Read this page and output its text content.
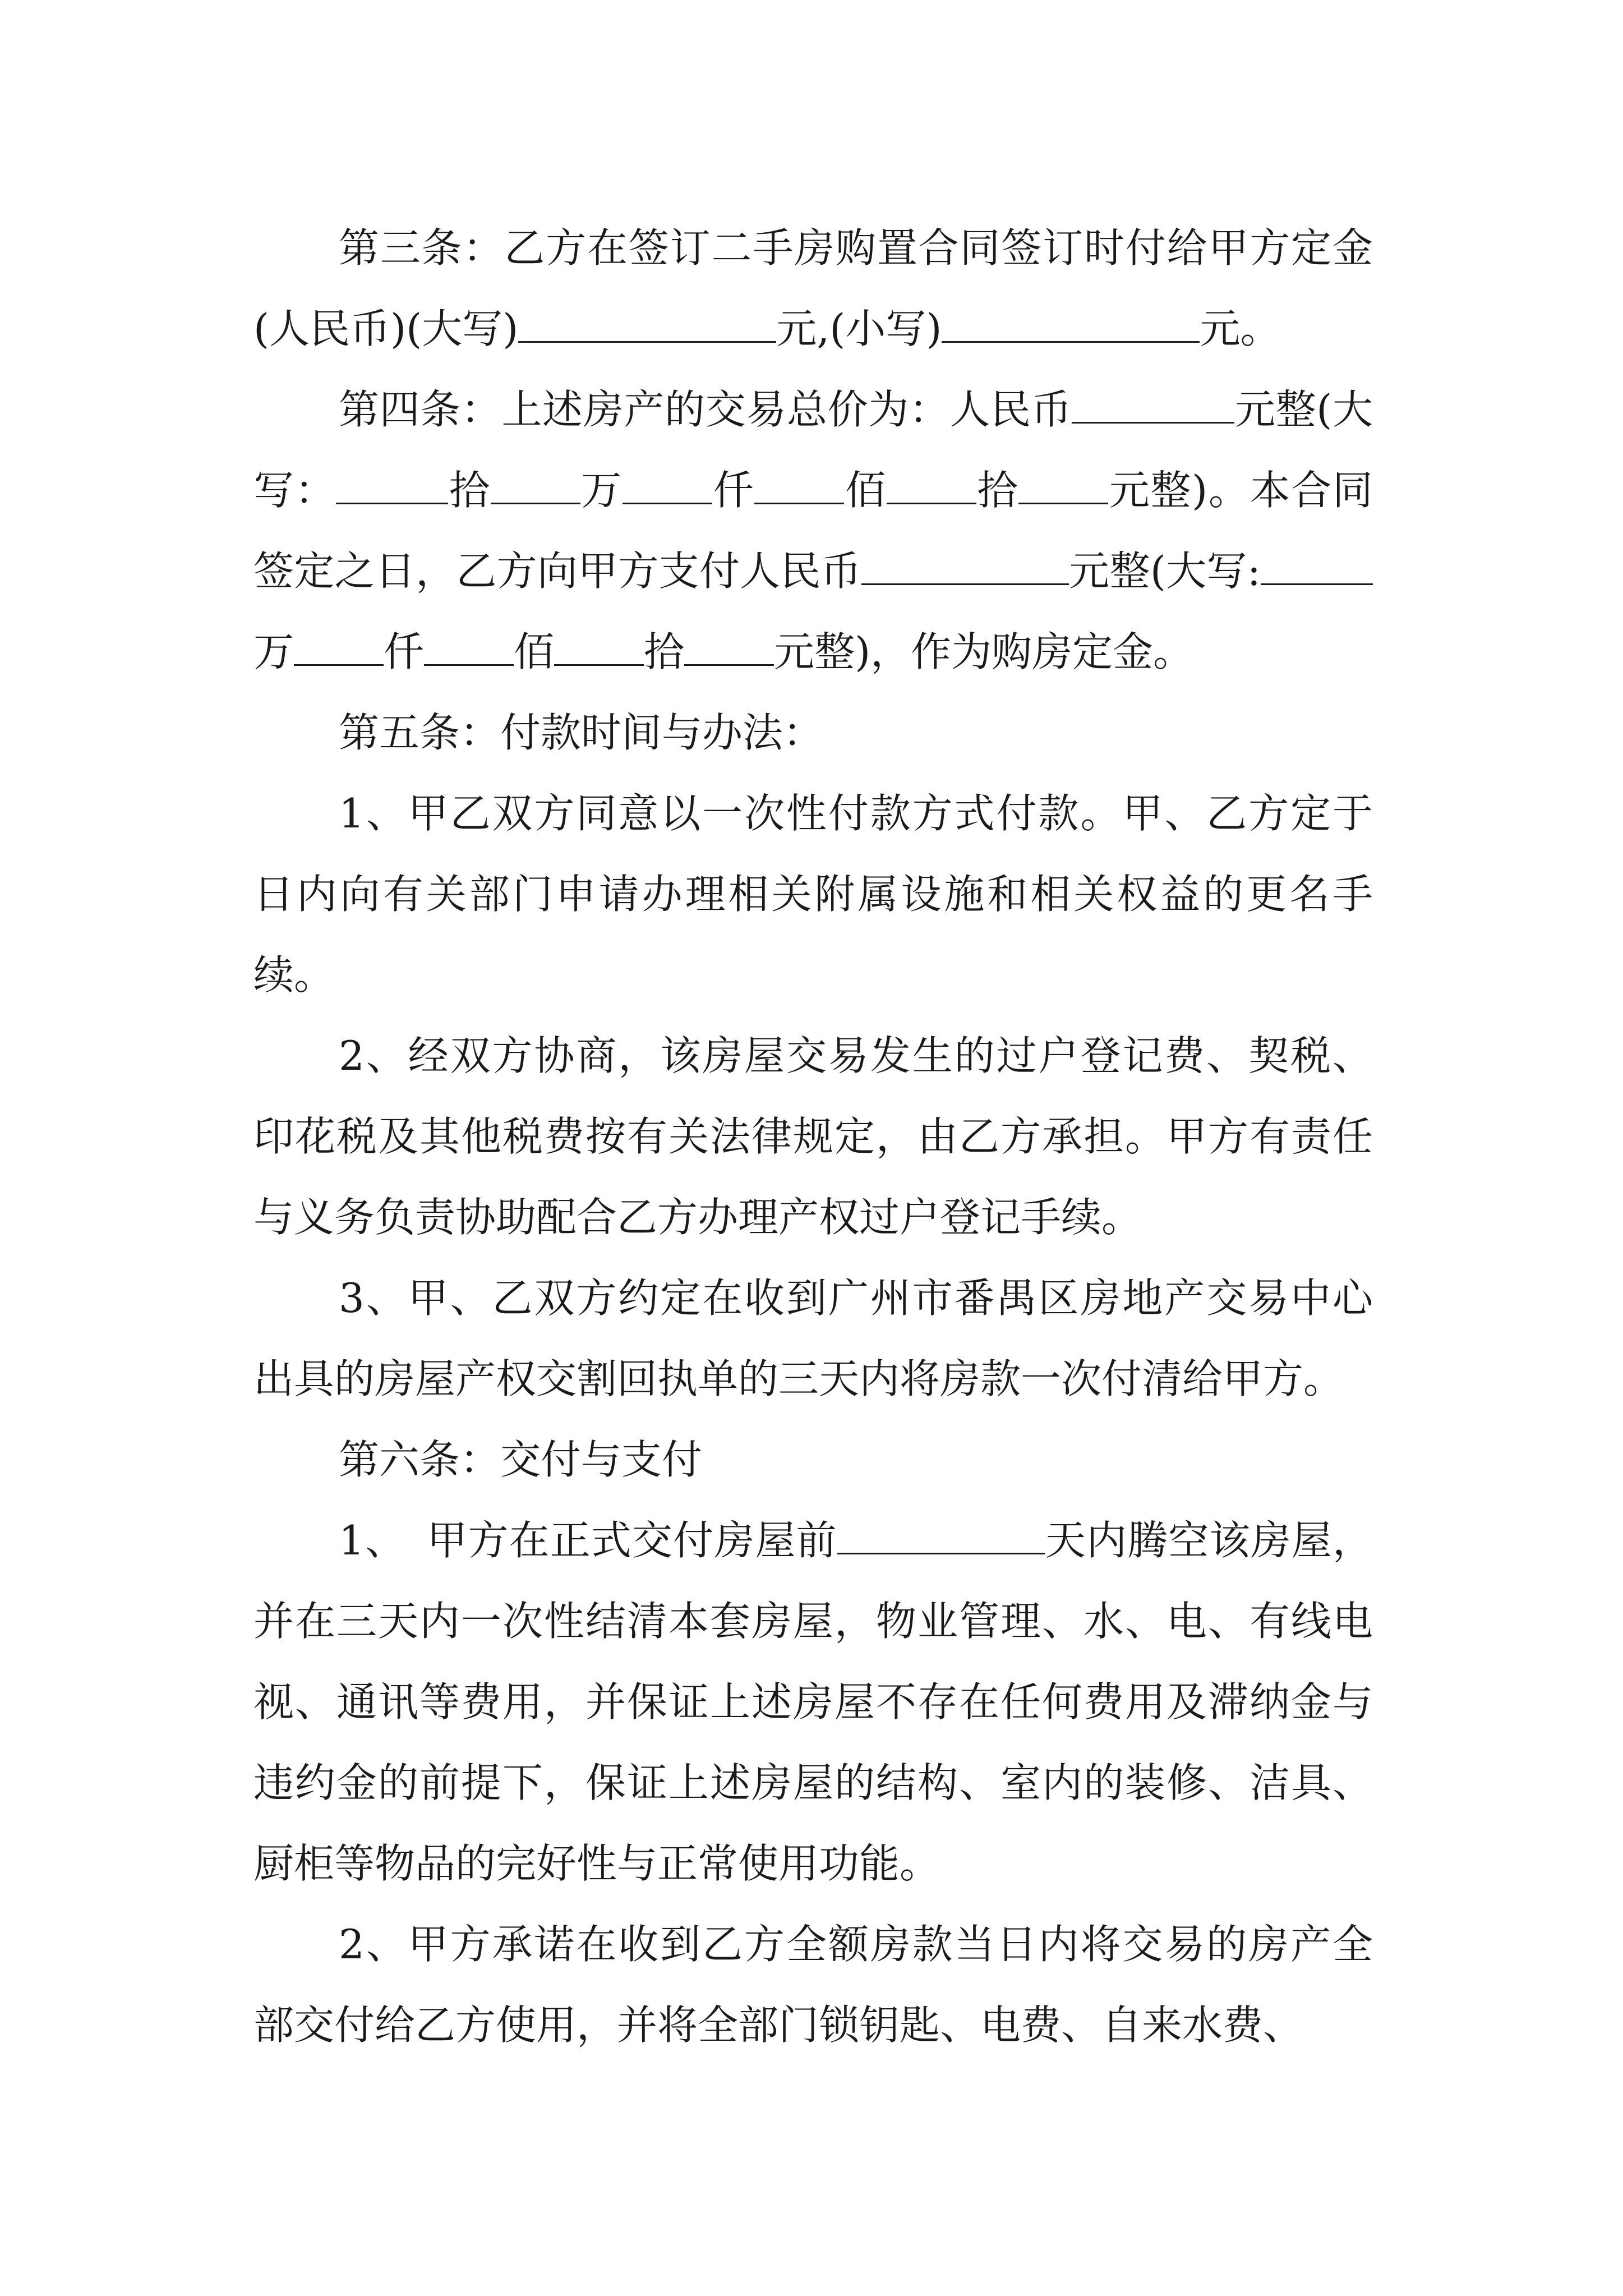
第三条：乙方在签订二手房购置合同签订时付给甲方定金(人民币)(大写)	元,(小写)	元。

第四条：上述房产的交易总价为：人民币	元整(大写：	拾 万 仟 佰 拾 元整)。本合同签定之日，乙方向甲方支付人民币	元整(大写:万 仟 佰 拾 元整)，作为购房定金。

第五条：付款时间与办法：

1、甲乙双方同意以一次性付款方式付款。甲、乙方定于日内向有关部门申请办理相关附属设施和相关权益的更名手续。

2、经双方协商，该房屋交易发生的过户登记费、契税、印花税及其他税费按有关法律规定，由乙方承担。甲方有责任与义务负责协助配合乙方办理产权过户登记手续。

3、甲、乙双方约定在收到广州市番禺区房地产交易中心出具的房屋产权交割回执单的三天内将房款一次付清给甲方。

第六条：交付与支付

1、　甲方在正式交付房屋前	天内腾空该房屋，并在三天内一次性结清本套房屋，物业管理、水、电、有线电视、通讯等费用，并保证上述房屋不存在任何费用及滞纳金与违约金的前提下，保证上述房屋的结构、室内的装修、洁具、厨柜等物品的完好性与正常使用功能。

2、甲方承诺在收到乙方全额房款当日内将交易的房产全部交付给乙方使用，并将全部门锁钥匙、电费、自来水费、
